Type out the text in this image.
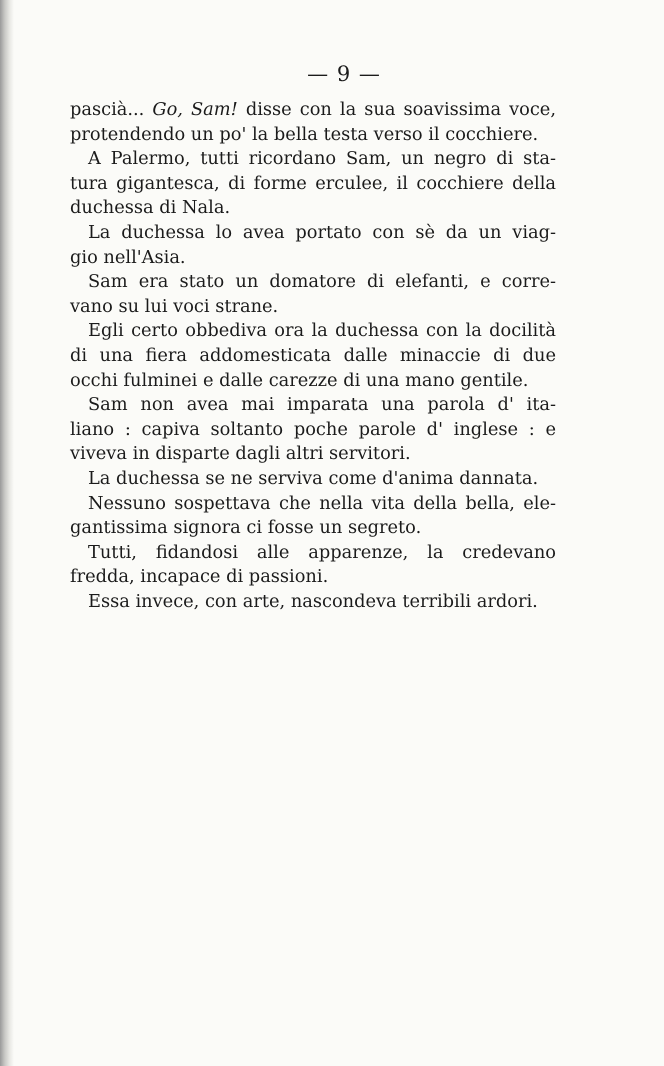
— 9 —
pascià... Go, Sam! disse con la sua soavissima voce,
protendendo un po' la bella testa verso il cocchiere.
A Palermo, tutti ricordano Sam, un negro di sta-
tura gigantesca, di forme erculee, il cocchiere della
duchessa di Nala.
La duchessa lo avea portato con sè da un viag-
gio nell'Asia.
Sam era stato un domatore di elefanti, e corre-
vano su lui voci strane.
Egli certo obbediva ora la duchessa con la docilità
di una fiera addomesticata dalle minaccie di due
occhi fulminei e dalle carezze di una mano gentile.
Sam non avea mai imparata una parola d' ita-
liano : capiva soltanto poche parole d' inglese : e
viveva in disparte dagli altri servitori.
La duchessa se ne serviva come d'anima dannata.
Nessuno sospettava che nella vita della bella, ele-
gantissima signora ci fosse un segreto.
Tutti, fidandosi alle apparenze, la credevano
fredda, incapace di passioni.
Essa invece, con arte, nascondeva terribili ardori.
